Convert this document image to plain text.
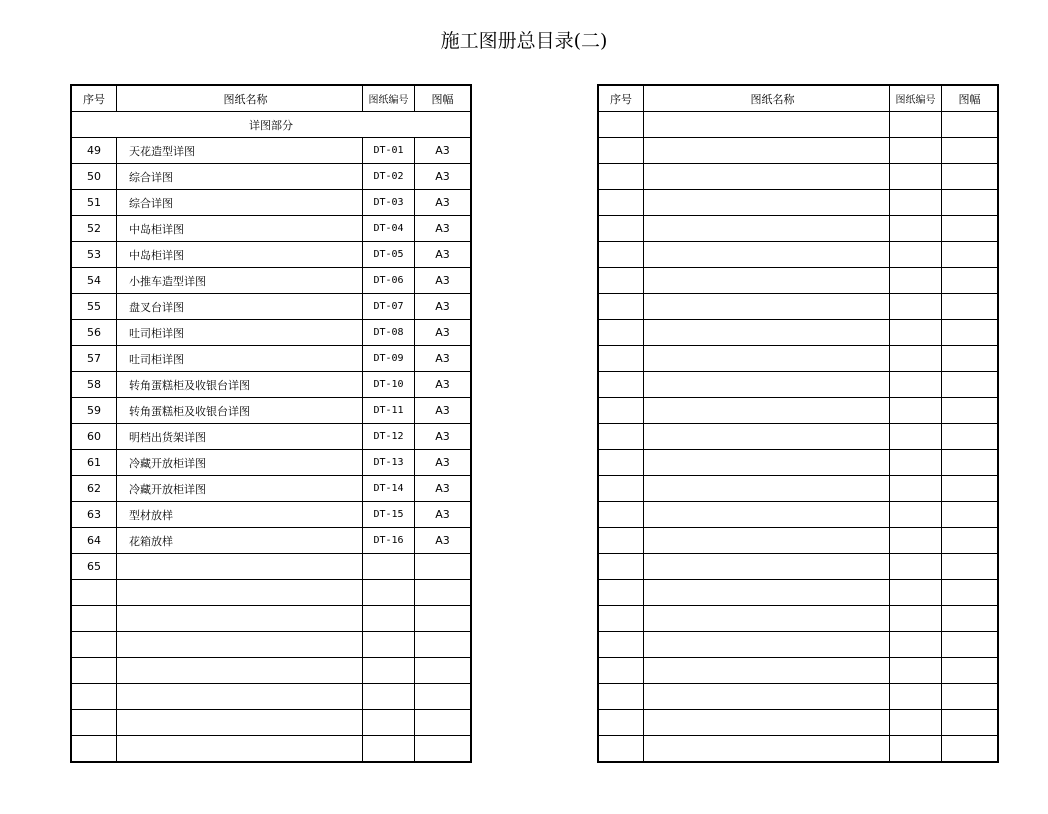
施工图册总目录(二)
序号	图纸名称	图纸编号	图幅
详图部分			
49	天花造型详图	DT-01	A3
50	综合详图	DT-02	A3
51	综合详图	DT-03	A3
52	中岛柜详图	DT-04	A3
53	中岛柜详图	DT-05	A3
54	小推车造型详图	DT-06	A3
55	盘叉台详图	DT-07	A3
56	吐司柜详图	DT-08	A3
57	吐司柜详图	DT-09	A3
58	转角蛋糕柜及收银台详图	DT-10	A3
59	转角蛋糕柜及收银台详图	DT-11	A3
60	明档出货架详图	DT-12	A3
61	冷藏开放柜详图	DT-13	A3
62	冷藏开放柜详图	DT-14	A3
63	型材放样	DT-15	A3
64	花箱放样	DT-16	A3
65			

序号	图纸名称	图纸编号	图幅
